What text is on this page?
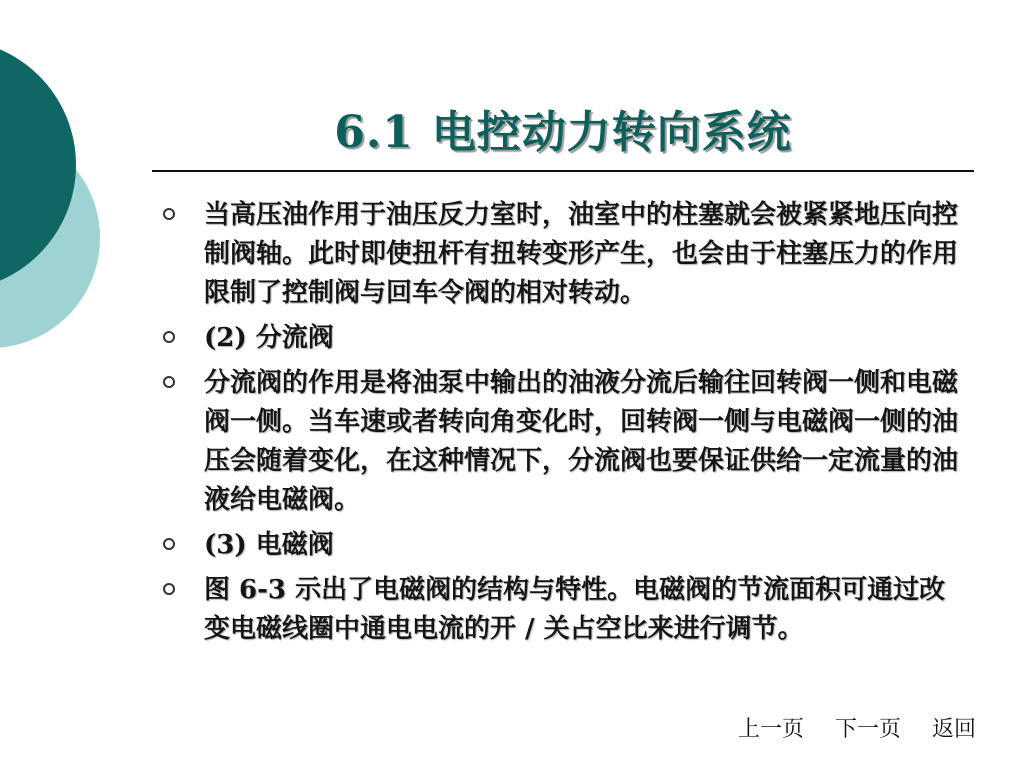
6.1 电控动力转向系统
当高压油作用于油压反力室时，油室中的柱塞就会被紧紧地压向控制阀轴。此时即使扭杆有扭转变形产生，也会由于柱塞压力的作用限制了控制阀与回车令阀的相对转动。
(2) 分流阀
分流阀的作用是将油泵中输出的油液分流后输往回转阀一侧和电磁阀一侧。当车速或者转向角变化时，回转阀一侧与电磁阀一侧的油压会随着变化，在这种情况下，分流阀也要保证供给一定流量的油液给电磁阀。
(3) 电磁阀
图 6-3 示出了电磁阀的结构与特性。电磁阀的节流面积可通过改变电磁线圈中通电电流的开 / 关占空比来进行调节。
上一页 下一页 返回
